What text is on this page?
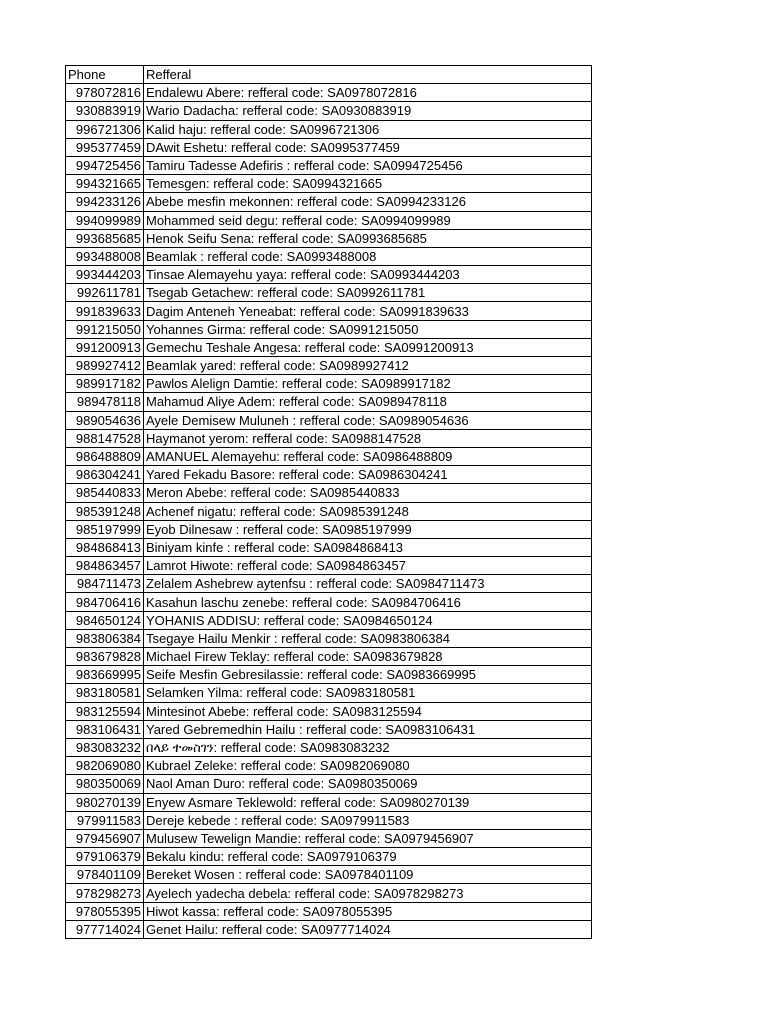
Phone	Refferal
978072816	Endalewu Abere: refferal code: SA0978072816
930883919	Wario Dadacha: refferal code: SA0930883919
996721306	Kalid haju: refferal code: SA0996721306
995377459	DAwit Eshetu: refferal code: SA0995377459
994725456	Tamiru Tadesse Adefiris : refferal code: SA0994725456
994321665	Temesgen: refferal code: SA0994321665
994233126	Abebe mesfin mekonnen: refferal code: SA0994233126
994099989	Mohammed seid degu: refferal code: SA0994099989
993685685	Henok Seifu Sena: refferal code: SA0993685685
993488008	Beamlak : refferal code: SA0993488008
993444203	Tinsae Alemayehu yaya: refferal code: SA0993444203
992611781	Tsegab Getachew: refferal code: SA0992611781
991839633	Dagim Anteneh Yeneabat: refferal code: SA0991839633
991215050	Yohannes Girma: refferal code: SA0991215050
991200913	Gemechu Teshale Angesa: refferal code: SA0991200913
989927412	Beamlak yared: refferal code: SA0989927412
989917182	Pawlos Alelign Damtie: refferal code: SA0989917182
989478118	Mahamud Aliye Adem: refferal code: SA0989478118
989054636	Ayele Demisew Muluneh : refferal code: SA0989054636
988147528	Haymanot yerom: refferal code: SA0988147528
986488809	AMANUEL Alemayehu: refferal code: SA0986488809
986304241	Yared Fekadu Basore: refferal code: SA0986304241
985440833	Meron Abebe: refferal code: SA0985440833
985391248	Achenef nigatu: refferal code: SA0985391248
985197999	Eyob Dilnesaw : refferal code: SA0985197999
984868413	Biniyam kinfe : refferal code: SA0984868413
984863457	Lamrot Hiwote: refferal code: SA0984863457
984711473	Zelalem Ashebrew aytenfsu : refferal code: SA0984711473
984706416	Kasahun laschu zenebe: refferal code: SA0984706416
984650124	YOHANIS ADDISU: refferal code: SA0984650124
983806384	Tsegaye Hailu Menkir : refferal code: SA0983806384
983679828	Michael Firew Teklay: refferal code: SA0983679828
983669995	Seife Mesfin Gebresilassie: refferal code: SA0983669995
983180581	Selamken Yilma: refferal code: SA0983180581
983125594	Mintesinot Abebe: refferal code: SA0983125594
983106431	Yared Gebremedhin Hailu : refferal code: SA0983106431
983083232	በላይ ተመስገን: refferal code: SA0983083232
982069080	Kubrael Zeleke: refferal code: SA0982069080
980350069	Naol Aman Duro: refferal code: SA0980350069
980270139	Enyew Asmare Teklewold: refferal code: SA0980270139
979911583	Dereje kebede : refferal code: SA0979911583
979456907	Mulusew Tewelign Mandie: refferal code: SA0979456907
979106379	Bekalu kindu: refferal code: SA0979106379
978401109	Bereket Wosen : refferal code: SA0978401109
978298273	Ayelech yadecha debela: refferal code: SA0978298273
978055395	Hiwot kassa: refferal code: SA0978055395
977714024	Genet Hailu: refferal code: SA0977714024
